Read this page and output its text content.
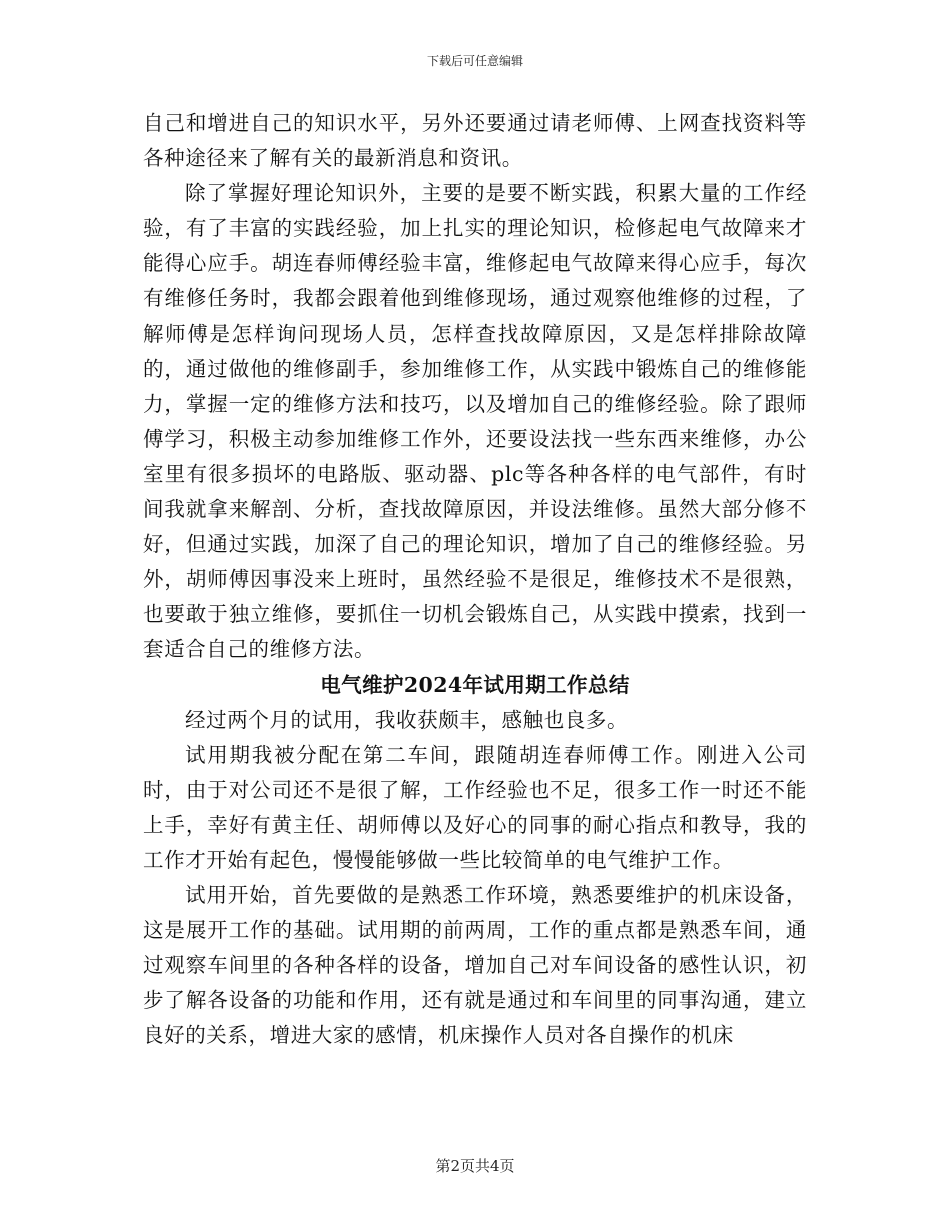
下载后可任意编辑

自己和增进自己的知识水平，另外还要通过请老师傅、上网查找资料等各种途径来了解有关的最新消息和资讯。

除了掌握好理论知识外，主要的是要不断实践，积累大量的工作经验，有了丰富的实践经验，加上扎实的理论知识，检修起电气故障来才能得心应手。胡连春师傅经验丰富，维修起电气故障来得心应手，每次有维修任务时，我都会跟着他到维修现场，通过观察他维修的过程，了解师傅是怎样询问现场人员，怎样查找故障原因，又是怎样排除故障的，通过做他的维修副手，参加维修工作，从实践中锻炼自己的维修能力，掌握一定的维修方法和技巧，以及增加自己的维修经验。除了跟师傅学习，积极主动参加维修工作外，还要设法找一些东西来维修，办公室里有很多损坏的电路版、驱动器、plc等各种各样的电气部件，有时间我就拿来解剖、分析，查找故障原因，并设法维修。虽然大部分修不好，但通过实践，加深了自己的理论知识，增加了自己的维修经验。另外，胡师傅因事没来上班时，虽然经验不是很足，维修技术不是很熟，也要敢于独立维修，要抓住一切机会锻炼自己，从实践中摸索，找到一套适合自己的维修方法。

电气维护2024年试用期工作总结

经过两个月的试用，我收获颇丰，感触也良多。

试用期我被分配在第二车间，跟随胡连春师傅工作。刚进入公司时，由于对公司还不是很了解，工作经验也不足，很多工作一时还不能上手，幸好有黄主任、胡师傅以及好心的同事的耐心指点和教导，我的工作才开始有起色，慢慢能够做一些比较简单的电气维护工作。

试用开始，首先要做的是熟悉工作环境，熟悉要维护的机床设备，这是展开工作的基础。试用期的前两周，工作的重点都是熟悉车间，通过观察车间里的各种各样的设备，增加自己对车间设备的感性认识，初步了解各设备的功能和作用，还有就是通过和车间里的同事沟通，建立良好的关系，增进大家的感情，机床操作人员对各自操作的机床

第2页共4页
